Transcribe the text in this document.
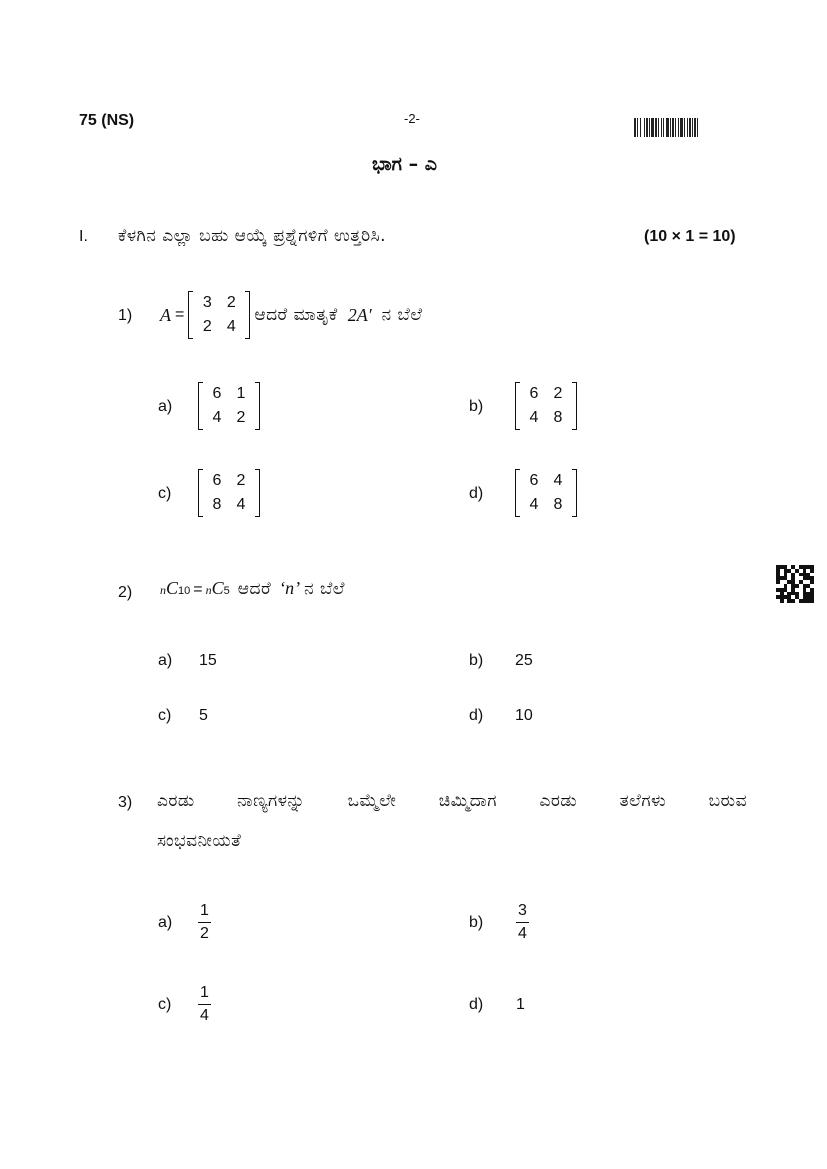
75 (NS)	-2-
ಭಾಗ – ಎ
I. ಕೆಳಗಿನ ಎಲ್ಲಾ ಬಹು ಆಯ್ಕೆ ಪ್ರಶ್ನೆಗಳಿಗೆ ಉತ್ತರಿಸಿ.	(10 × 1 = 10)
1) A =
3	2
2	4
ಆದರೆ ಮಾತೃಕೆ 2A′ ನ ಬೆಲೆ
a)
6	1
4	2
b)
6	2
4	8
c)
6	2
8	4
d)
6	4
4	8
2) n C 10 = n C 5 ಆದರೆ ‘n’ ನ ಬೆಲೆ
a) 15	b) 25
c) 5	d) 10
3) ಎರಡು ನಾಣ್ಯಗಳನ್ನು ಒಮ್ಮೆಲೇ ಚಿಮ್ಮಿದಾಗ ಎರಡು ತಲೆಗಳು ಬರುವ
ಸಂಭವನೀಯತೆ
a)
1
2
b)
3
4
c)
1
4
d) 1
